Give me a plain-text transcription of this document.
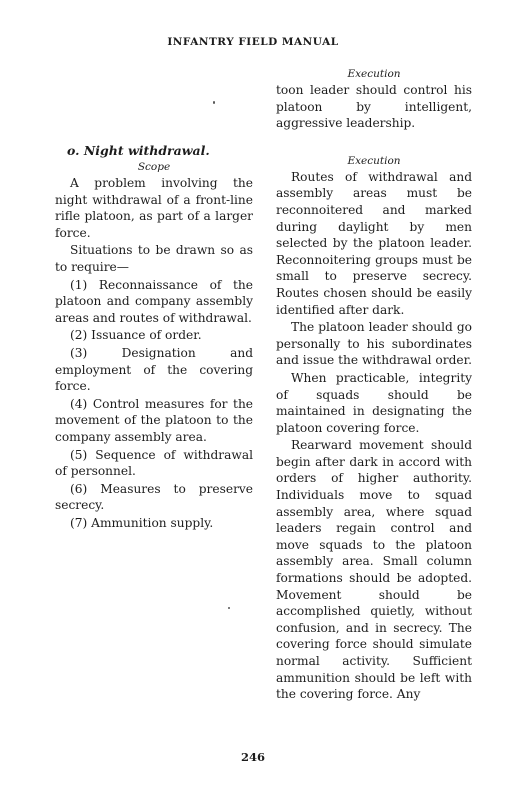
INFANTRY FIELD MANUAL
Execution

toon leader should control his platoon by intelligent, aggressive leadership.

Execution

Routes of withdrawal and assembly areas must be reconnoitered and marked during daylight by men selected by the platoon leader. Reconnoitering groups must be small to preserve secrecy. Routes chosen should be easily identified after dark.

The platoon leader should go personally to his subordinates and issue the withdrawal order.

When practicable, integrity of squads should be maintained in designating the platoon covering force.

Rearward movement should begin after dark in accord with orders of higher authority. Individuals move to squad assembly area, where squad leaders regain control and move squads to the platoon assembly area. Small column formations should be adopted. Movement should be accomplished quietly, without confusion, and in secrecy. The covering force should simulate normal activity. Sufficient ammunition should be left with the covering force. Any

o. Night withdrawal.
Scope

A problem involving the night withdrawal of a front-line rifle platoon, as part of a larger force.

Situations to be drawn so as to require—

(1) Reconnaissance of the platoon and company assembly areas and routes of withdrawal.

(2) Issuance of order.

(3) Designation and employment of the covering force.

(4) Control measures for the movement of the platoon to the company assembly area.

(5) Sequence of withdrawal of personnel.

(6) Measures to preserve secrecy.

(7) Ammunition supply.

246
